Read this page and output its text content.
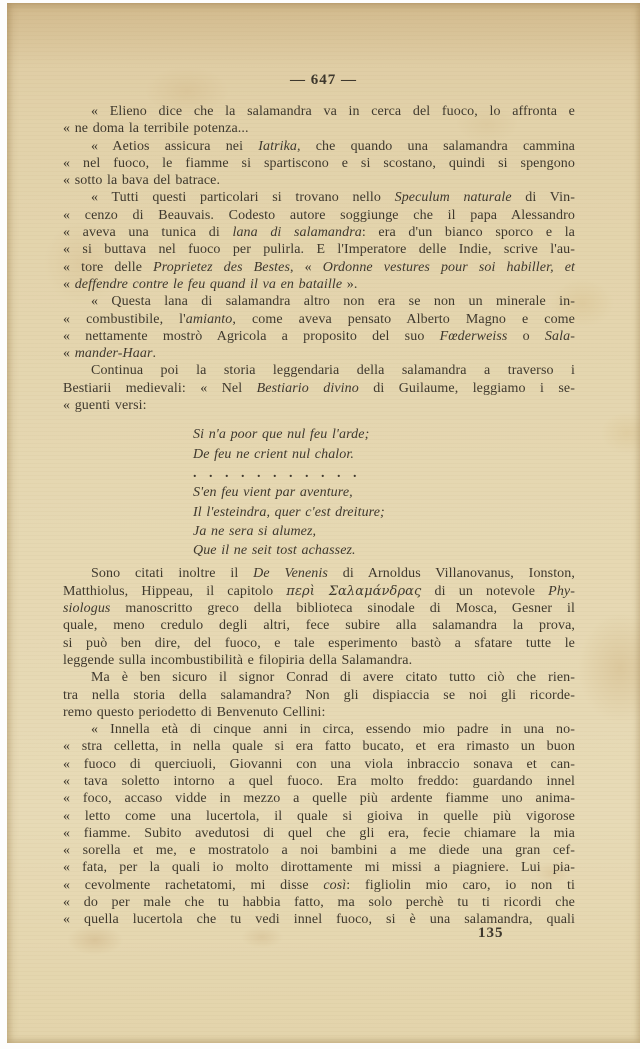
— 647 —
« Elieno dice che la salamandra va in cerca del fuoco, lo affronta e
« ne doma la terribile potenza...
« Aetios assicura nei Iatrika, che quando una salamandra cammina
« nel fuoco, le fiamme si spartiscono e si scostano, quindi si spengono
« sotto la bava del batrace.
« Tutti questi particolari si trovano nello Speculum naturale di Vin-
« cenzo di Beauvais. Codesto autore soggiunge che il papa Alessandro
« aveva una tunica di lana di salamandra: era d'un bianco sporco e la
« si buttava nel fuoco per pulirla. E l'Imperatore delle Indie, scrive l'au-
« tore delle Proprietez des Bestes, « Ordonne vestures pour soi habiller, et
« deffendre contre le feu quand il va en bataille ».
« Questa lana di salamandra altro non era se non un minerale in-
« combustibile, l'amianto, come aveva pensato Alberto Magno e come
« nettamente mostrò Agricola a proposito del suo Fœderweiss o Sala-
« mander-Haar.
Continua poi la storia leggendaria della salamandra a traverso i
Bestiarii medievali: « Nel Bestiario divino di Guilaume, leggiamo i se-
« guenti versi:
Si n'a poor que nul feu l'arde;
De feu ne crient nul chalor.
. . . . . . . . . . .
S'en feu vient par aventure,
Il l'esteindra, quer c'est dreiture;
Ja ne sera si alumez,
Que il ne seit tost achassez.
Sono citati inoltre il De Venenis di Arnoldus Villanovanus, Ionston,
Matthiolus, Hippeau, il capitolo περὶ Σαλαμάνδρας di un notevole Phy-
siologus manoscritto greco della biblioteca sinodale di Mosca, Gesner il
quale, meno credulo degli altri, fece subire alla salamandra la prova,
si può ben dire, del fuoco, e tale esperimento bastò a sfatare tutte le
leggende sulla incombustibilità e filopiria della Salamandra.
Ma è ben sicuro il signor Conrad di avere citato tutto ciò che rien-
tra nella storia della salamandra? Non gli dispiaccia se noi gli ricorde-
remo questo periodetto di Benvenuto Cellini:
« Innella età di cinque anni in circa, essendo mio padre in una no-
« stra celletta, in nella quale si era fatto bucato, et era rimasto un buon
« fuoco di querciuoli, Giovanni con una viola inbraccio sonava et can-
« tava soletto intorno a quel fuoco. Era molto freddo: guardando innel
« foco, accaso vidde in mezzo a quelle più ardente fiamme uno anima-
« letto come una lucertola, il quale si gioiva in quelle più vigorose
« fiamme. Subito avedutosi di quel che gli era, fecie chiamare la mia
« sorella et me, e mostratolo a noi bambini a me diede una gran cef-
« fata, per la quali io molto dirottamente mi missi a piagniere. Lui pia-
« cevolmente rachetatomi, mi disse così: figliolin mio caro, io non ti
« do per male che tu habbia fatto, ma solo perchè tu ti ricordi che
« quella lucertola che tu vedi innel fuoco, si è una salamandra, quali
135
